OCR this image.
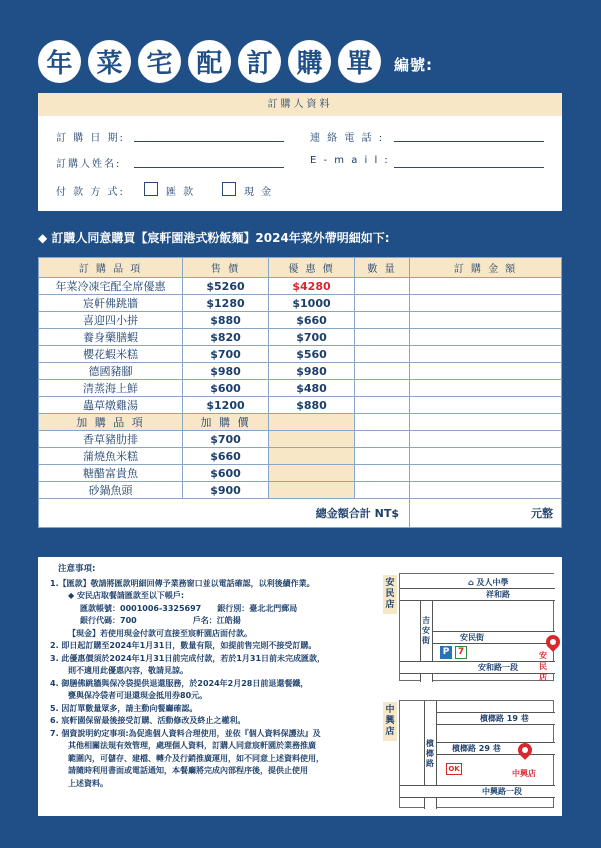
年 菜 宅 配 訂 購 單	編號:
訂購人資料
訂 購 日 期:	連 絡 電 話 :
訂購人姓名:	E - m a i l :
付 款 方 式:	匯 款	現 金
◆ 訂購人同意購買【宸軒園港式粉飯麵】2024年菜外帶明細如下:
訂 購 品 項	售 價	優 惠 價	數 量	訂 購 金 額
年菜冷凍宅配全席優惠	$5260	$4280		
宸軒佛跳牆	$1280	$1000		
喜迎四小拼	$880	$660		
養身藥膳蝦	$820	$700		
櫻花蝦米糕	$700	$560		
德國豬腳	$980	$980		
清蒸海上鮮	$600	$480		
蟲草燉雞湯	$1200	$880		
加 購 品 項	加 購 價			
香草豬肋排	$700			
蒲燒魚米糕	$660			
糖醋富貴魚	$600			
砂鍋魚頭	$900			
總金額合計 NT$				元整
注意事項:
1.【匯款】敬請將匯款明細回傳予業務窗口並以電話確認，以利後續作業。
◆ 安民店取餐請匯款至以下帳戶:
匯款帳號：0001006-3325697　　銀行別：臺北北門郵局
銀行代碼：700　　　　　　　戶名：江皓揚
【現金】若使用現金付款可直接至宸軒園店面付款。
2. 即日起訂購至2024年1月31日，數量有限，如提前售完則不接受訂購。
3. 此優惠價須於2024年1月31日前完成付款，若於1月31日前未完成匯款，
則不適用此優惠內容，敬請見諒。
4. 御膳佛跳牆與保冷袋提供退還服務，於2024年2月28日前退還餐鐵，
甕與保冷袋者可退還現金抵用券80元。
5. 因訂單數量眾多，請主動向餐廳確認。
6. 宸軒園保留最後接受訂購、活動修改及終止之權利。
7. 個資說明約定事項:為促進個人資料合理使用，並依『個人資料保護法』及
其他相關法規有效管理，處理個人資料，訂購人同意宸軒園於業務推廣
範圍內，可儲存、建檔、轉介及行銷推廣運用，如不同意上述資料使用，
請隨時利用書面或電話通知，本餐廳將完成內部程序後，提供止使用
上述資料。
安民店
⌂ 及人中學
祥和路
吉安街	安民街
安和路一段
P 7	安民店
中興店
檳榔路 19 巷
檳榔路
檳榔路 29 巷
中興路一段
OK	中興店
